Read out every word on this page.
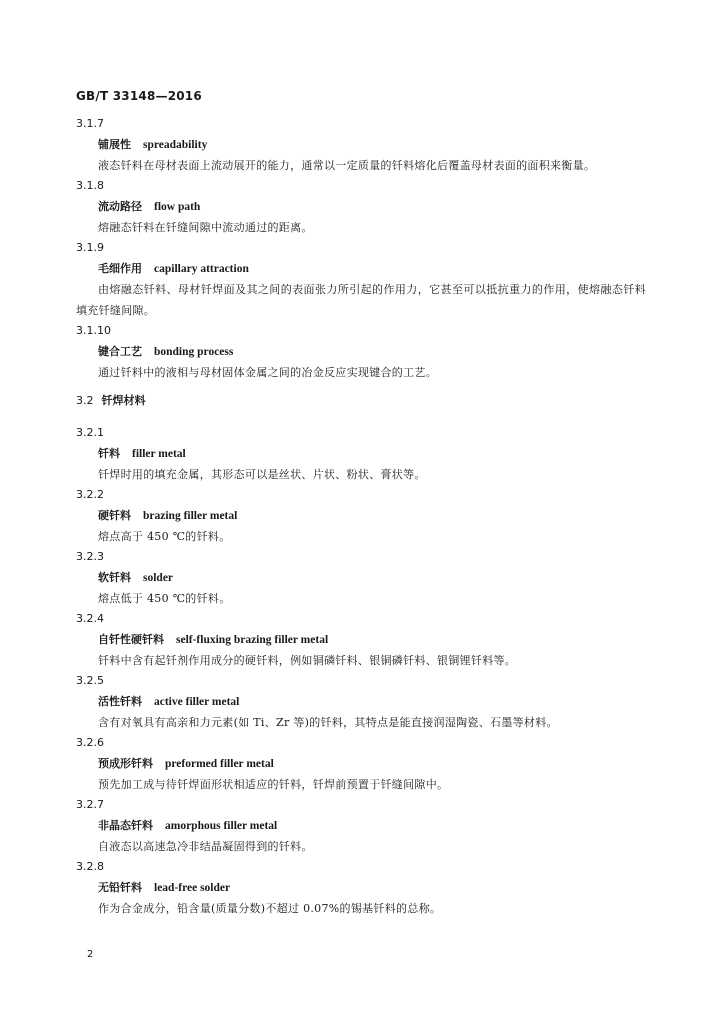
GB/T 33148—2016
3.1.7
铺展性 spreadability

液态钎料在母材表面上流动展开的能力，通常以一定质量的钎料熔化后覆盖母材表面的面积来衡量。

3.1.8
流动路径 flow path

熔融态钎料在钎缝间隙中流动通过的距离。

3.1.9
毛细作用 capillary attraction

由熔融态钎料、母材钎焊面及其之间的表面张力所引起的作用力，它甚至可以抵抗重力的作用，使熔融态钎料填充钎缝间隙。

3.1.10
键合工艺 bonding process

通过钎料中的液相与母材固体金属之间的冶金反应实现键合的工艺。

3.2 钎焊材料
3.2.1
钎料 filler metal

钎焊时用的填充金属，其形态可以是丝状、片状、粉状、膏状等。

3.2.2
硬钎料 brazing filler metal

熔点高于 450 ℃的钎料。

3.2.3
软钎料 solder

熔点低于 450 ℃的钎料。

3.2.4
自钎性硬钎料 self-fluxing brazing filler metal

钎料中含有起钎剂作用成分的硬钎料，例如铜磷钎料、银铜磷钎料、银铜锂钎料等。

3.2.5
活性钎料 active filler metal

含有对氧具有高亲和力元素(如 Ti、Zr 等)的钎料，其特点是能直接润湿陶瓷、石墨等材料。

3.2.6
预成形钎料 preformed filler metal

预先加工成与待钎焊面形状相适应的钎料，钎焊前预置于钎缝间隙中。

3.2.7
非晶态钎料 amorphous filler metal

自液态以高速急冷非结晶凝固得到的钎料。

3.2.8
无铅钎料 lead-free solder

作为合金成分，铅含量(质量分数)不超过 0.07%的锡基钎料的总称。

2
